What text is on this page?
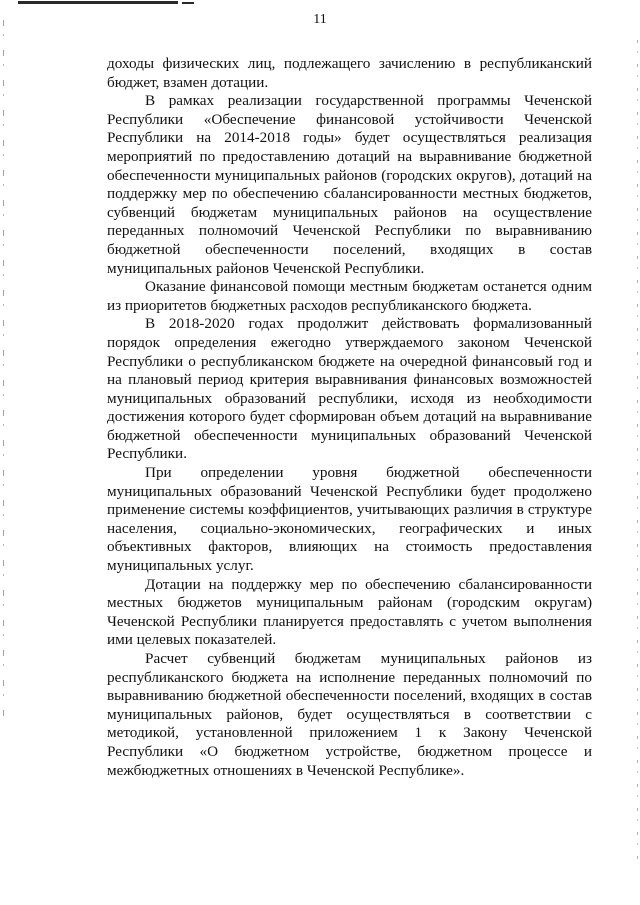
11

доходы физических лиц, подлежащего зачислению в республиканский бюджет, взамен дотации.

В рамках реализации государственной программы Чеченской Республики «Обеспечение финансовой устойчивости Чеченской Республики на 2014-2018 годы» будет осуществляться реализация мероприятий по предоставлению дотаций на выравнивание бюджетной обеспеченности муниципальных районов (городских округов), дотаций на поддержку мер по обеспечению сбалансированности местных бюджетов, субвенций бюджетам муниципальных районов на осуществление переданных полномочий Чеченской Республики по выравниванию бюджетной обеспеченности поселений, входящих в состав муниципальных районов Чеченской Республики.

Оказание финансовой помощи местным бюджетам останется одним из приоритетов бюджетных расходов республиканского бюджета.

В 2018-2020 годах продолжит действовать формализованный порядок определения ежегодно утверждаемого законом Чеченской Республики о республиканском бюджете на очередной финансовый год и на плановый период критерия выравнивания финансовых возможностей муниципальных образований республики, исходя из необходимости достижения которого будет сформирован объем дотаций на выравнивание бюджетной обеспеченности муниципальных образований Чеченской Республики.

При определении уровня бюджетной обеспеченности муниципальных образований Чеченской Республики будет продолжено применение системы коэффициентов, учитывающих различия в структуре населения, социально-экономических, географических и иных объективных факторов, влияющих на стоимость предоставления муниципальных услуг.

Дотации на поддержку мер по обеспечению сбалансированности местных бюджетов муниципальным районам (городским округам) Чеченской Республики планируется предоставлять с учетом выполнения ими целевых показателей.

Расчет субвенций бюджетам муниципальных районов из республиканского бюджета на исполнение переданных полномочий по выравниванию бюджетной обеспеченности поселений, входящих в состав муниципальных районов, будет осуществляться в соответствии с методикой, установленной приложением 1 к Закону Чеченской Республики «О бюджетном устройстве, бюджетном процессе и межбюджетных отношениях в Чеченской Республике».
